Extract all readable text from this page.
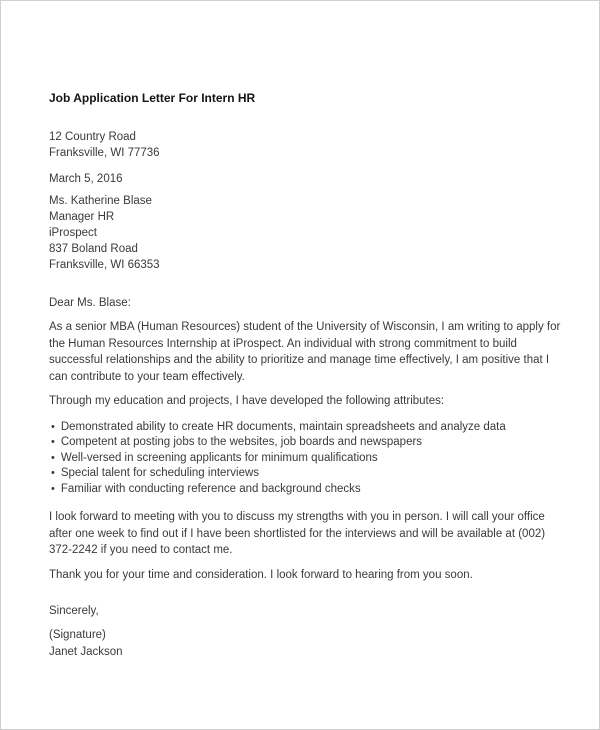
Job Application Letter For Intern HR
12 Country Road
Franksville, WI 77736
March 5, 2016
Ms. Katherine Blase
Manager HR
iProspect
837 Boland Road
Franksville, WI 66353
Dear Ms. Blase:
As a senior MBA (Human Resources) student of the University of Wisconsin, I am writing to apply for the Human Resources Internship at iProspect. An individual with strong commitment to build successful relationships and the ability to prioritize and manage time effectively, I am positive that I can contribute to your team effectively.
Through my education and projects, I have developed the following attributes:
• Demonstrated ability to create HR documents, maintain spreadsheets and analyze data
• Competent at posting jobs to the websites, job boards and newspapers
• Well-versed in screening applicants for minimum qualifications
• Special talent for scheduling interviews
• Familiar with conducting reference and background checks
I look forward to meeting with you to discuss my strengths with you in person. I will call your office after one week to find out if I have been shortlisted for the interviews and will be available at (002) 372-2242 if you need to contact me.
Thank you for your time and consideration. I look forward to hearing from you soon.
Sincerely,
(Signature)
Janet Jackson
